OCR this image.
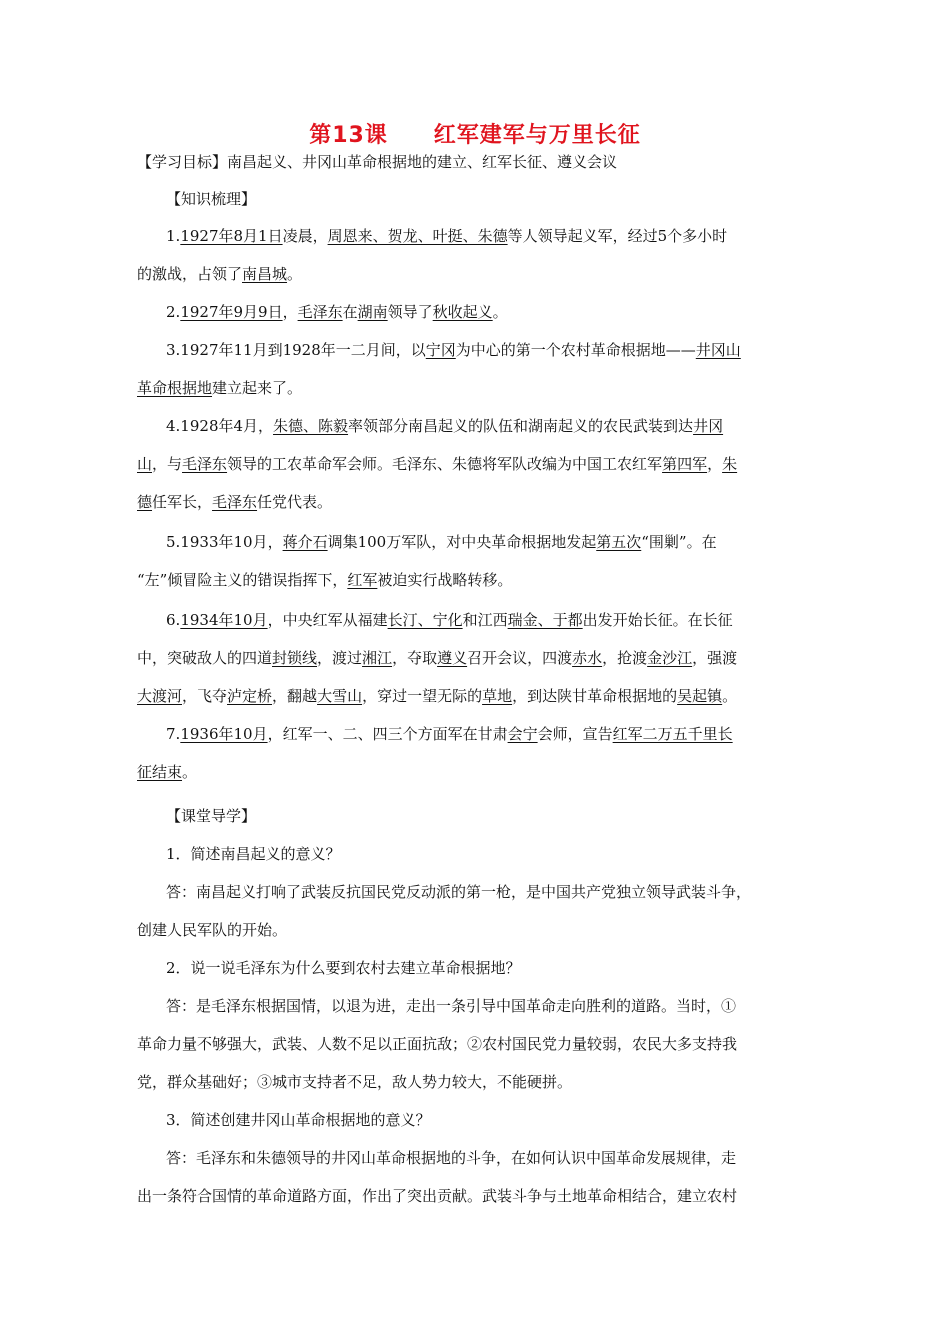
第13课　　红军建军与万里长征
【学习目标】南昌起义、井冈山革命根据地的建立、红军长征、遵义会议
【知识梳理】
1.1927年8月1日凌晨，周恩来、贺龙、叶挺、朱德等人领导起义军，经过5个多小时
的激战，占领了南昌城。
2.1927年9月9日，毛泽东在湖南领导了秋收起义。
3.1927年11月到1928年一二月间，以宁冈为中心的第一个农村革命根据地——井冈山
革命根据地建立起来了。
4.1928年4月，朱德、陈毅率领部分南昌起义的队伍和湖南起义的农民武装到达井冈
山，与毛泽东领导的工农革命军会师。毛泽东、朱德将军队改编为中国工农红军第四军，朱
德任军长，毛泽东任党代表。
5.1933年10月，蒋介石调集100万军队，对中央革命根据地发起第五次“围剿”。在
“左”倾冒险主义的错误指挥下，红军被迫实行战略转移。
6.1934年10月，中央红军从福建长汀、宁化和江西瑞金、于都出发开始长征。在长征
中，突破敌人的四道封锁线，渡过湘江，夺取遵义召开会议，四渡赤水，抢渡金沙江，强渡
大渡河，飞夺泸定桥，翻越大雪山，穿过一望无际的草地，到达陕甘革命根据地的吴起镇。
7.1936年10月，红军一、二、四三个方面军在甘肃会宁会师，宣告红军二万五千里长
征结束。
【课堂导学】
1．简述南昌起义的意义？
答：南昌起义打响了武装反抗国民党反动派的第一枪，是中国共产党独立领导武装斗争，
创建人民军队的开始。
2．说一说毛泽东为什么要到农村去建立革命根据地？
答：是毛泽东根据国情，以退为进，走出一条引导中国革命走向胜利的道路。当时，①
革命力量不够强大，武装、人数不足以正面抗敌；②农村国民党力量较弱，农民大多支持我
党，群众基础好；③城市支持者不足，敌人势力较大，不能硬拼。
3．简述创建井冈山革命根据地的意义？
答：毛泽东和朱德领导的井冈山革命根据地的斗争，在如何认识中国革命发展规律，走
出一条符合国情的革命道路方面，作出了突出贡献。武装斗争与土地革命相结合，建立农村
